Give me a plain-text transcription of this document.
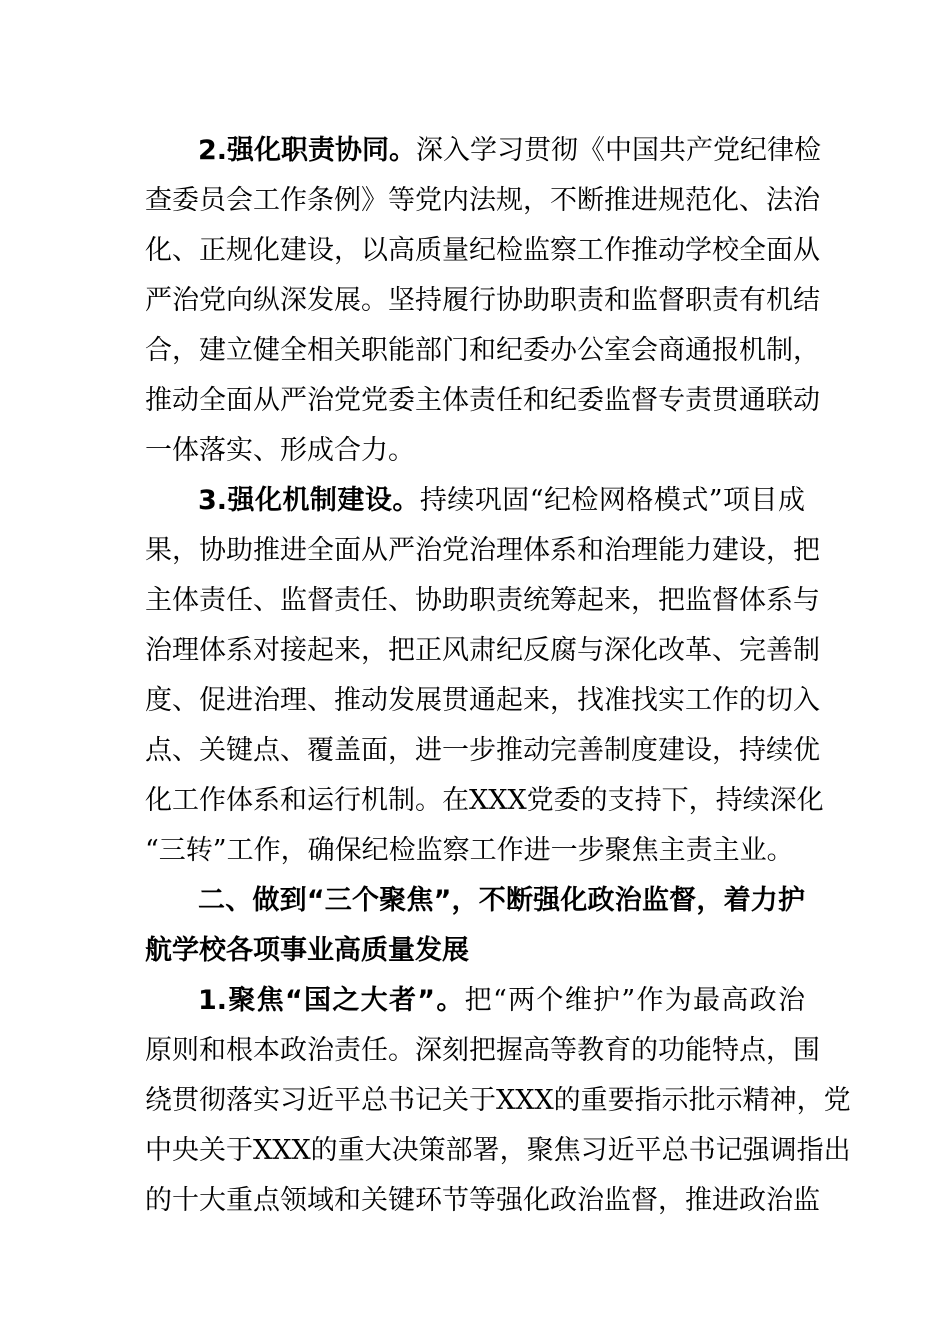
2.强化职责协同。深入学习贯彻《中国共产党纪律检
查委员会工作条例》等党内法规，不断推进规范化、法治
化、正规化建设，以高质量纪检监察工作推动学校全面从
严治党向纵深发展。坚持履行协助职责和监督职责有机结
合，建立健全相关职能部门和纪委办公室会商通报机制，
推动全面从严治党党委主体责任和纪委监督专责贯通联动
一体落实、形成合力。
3.强化机制建设。持续巩固“纪检网格模式”项目成
果，协助推进全面从严治党治理体系和治理能力建设，把
主体责任、监督责任、协助职责统筹起来，把监督体系与
治理体系对接起来，把正风肃纪反腐与深化改革、完善制
度、促进治理、推动发展贯通起来，找准找实工作的切入
点、关键点、覆盖面，进一步推动完善制度建设，持续优
化工作体系和运行机制。在XXX党委的支持下，持续深化
“三转”工作，确保纪检监察工作进一步聚焦主责主业。
二、做到“三个聚焦”，不断强化政治监督，着力护
航学校各项事业高质量发展
1.聚焦“国之大者”。把“两个维护”作为最高政治
原则和根本政治责任。深刻把握高等教育的功能特点，围
绕贯彻落实习近平总书记关于XXX的重要指示批示精神，党
中央关于XXX的重大决策部署，聚焦习近平总书记强调指出
的十大重点领域和关键环节等强化政治监督，推进政治监
